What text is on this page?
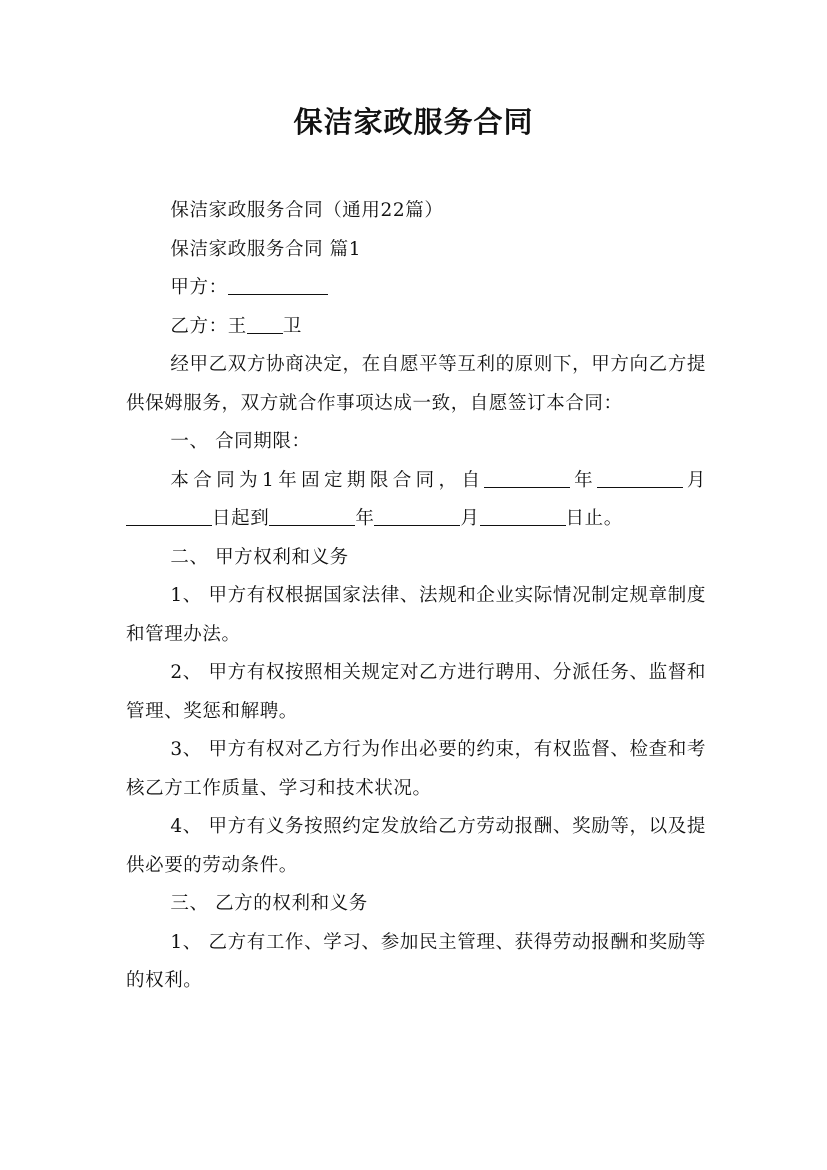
保洁家政服务合同

保洁家政服务合同（通用22篇）

保洁家政服务合同 篇1

甲方：

乙方：王 卫

经甲乙双方协商决定，在自愿平等互利的原则下，甲方向乙方提供保姆服务，双方就合作事项达成一致，自愿签订本合同：

一、 合同期限：

本合同为1年固定期限合同，自	年	月日起到	年	月	日止。

二、 甲方权利和义务

1、 甲方有权根据国家法律、法规和企业实际情况制定规章制度和管理办法。

2、 甲方有权按照相关规定对乙方进行聘用、分派任务、监督和管理、奖惩和解聘。

3、 甲方有权对乙方行为作出必要的约束，有权监督、检查和考核乙方工作质量、学习和技术状况。

4、 甲方有义务按照约定发放给乙方劳动报酬、奖励等，以及提供必要的劳动条件。

三、 乙方的权利和义务

1、 乙方有工作、学习、参加民主管理、获得劳动报酬和奖励等的权利。
